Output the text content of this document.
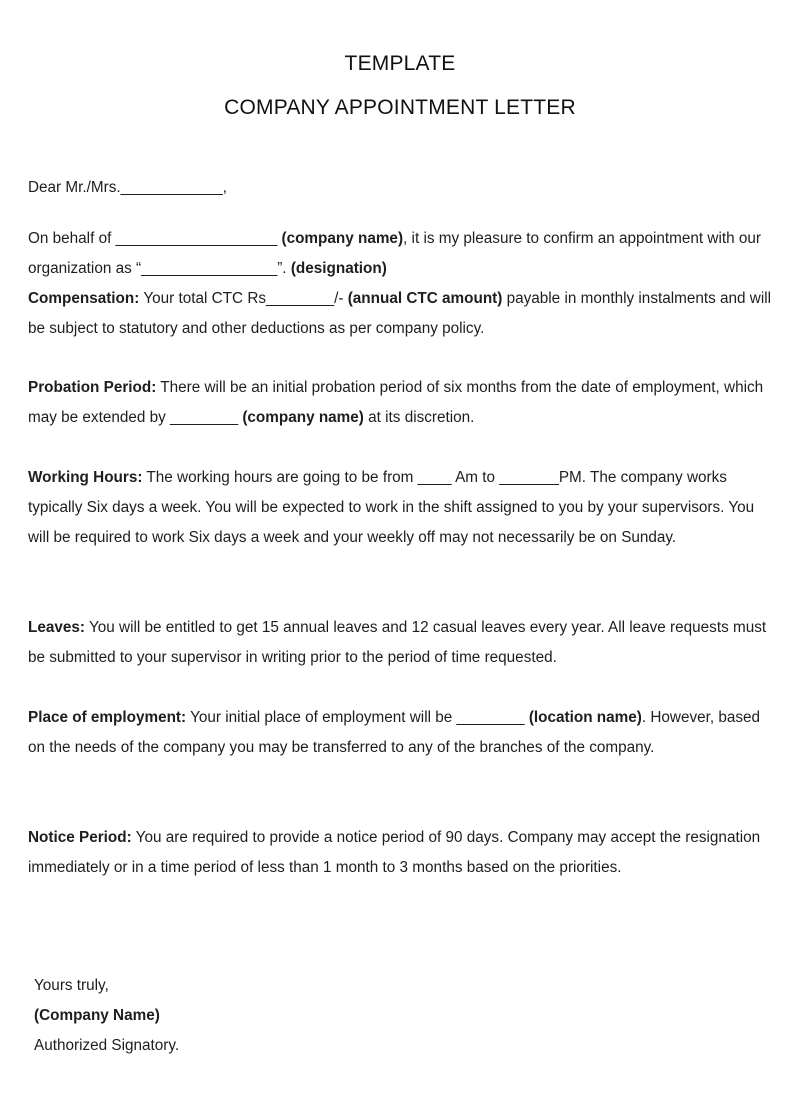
TEMPLATE
COMPANY APPOINTMENT LETTER

Dear Mr./Mrs.____________,

On behalf of ___________________ (company name), it is my pleasure to confirm an appointment with our organization as “________________”. (designation)

Compensation: Your total CTC Rs________/- (annual CTC amount) payable in monthly instalments and will be subject to statutory and other deductions as per company policy.

Probation Period: There will be an initial probation period of six months from the date of employment, which may be extended by ________ (company name) at its discretion.

Working Hours: The working hours are going to be from ____ Am to _______PM. The company works typically Six days a week. You will be expected to work in the shift assigned to you by your supervisors. You will be required to work Six days a week and your weekly off may not necessarily be on Sunday.

Leaves: You will be entitled to get 15 annual leaves and 12 casual leaves every year. All leave requests must be submitted to your supervisor in writing prior to the period of time requested.

Place of employment: Your initial place of employment will be ________ (location name). However, based on the needs of the company you may be transferred to any of the branches of the company.

Notice Period: You are required to provide a notice period of 90 days. Company may accept the resignation immediately or in a time period of less than 1 month to 3 months based on the priorities.

Yours truly,

(Company Name)

Authorized Signatory.
